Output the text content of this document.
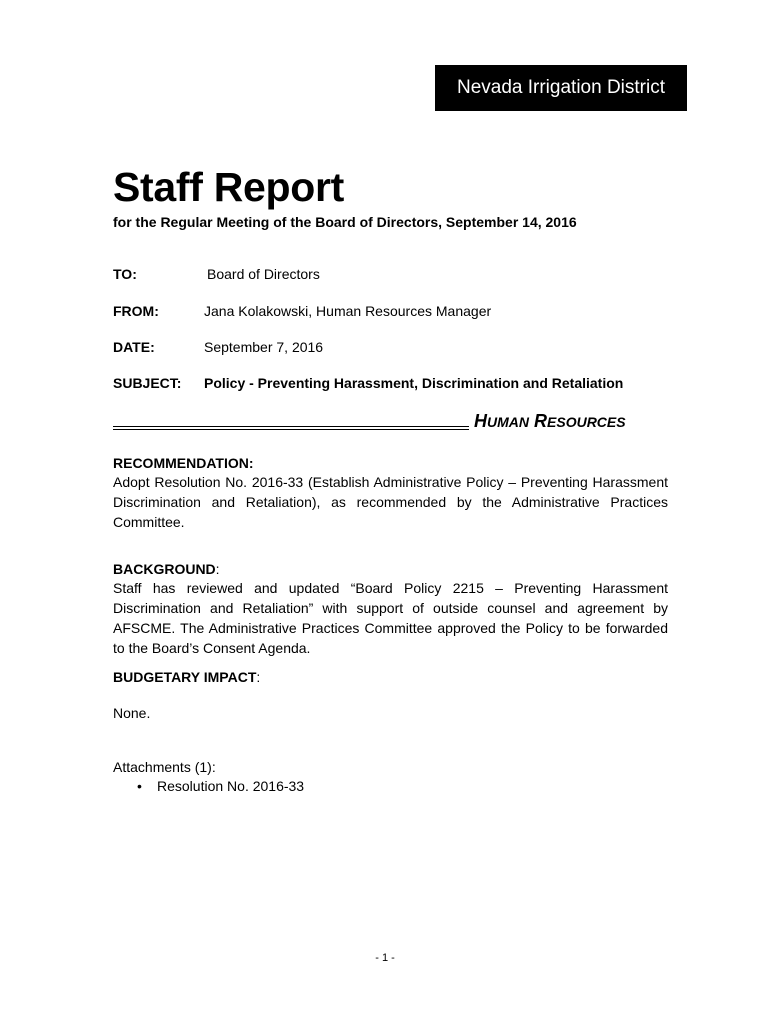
Nevada Irrigation District
Staff Report
for the Regular Meeting of the Board of Directors, September 14, 2016
TO:	Board of Directors
FROM:	Jana Kolakowski, Human Resources Manager
DATE:	September 7, 2016
SUBJECT: Policy - Preventing Harassment, Discrimination and Retaliation
HUMAN RESOURCES
RECOMMENDATION:

Adopt Resolution No. 2016-33 (Establish Administrative Policy – Preventing Harassment Discrimination and Retaliation), as recommended by the Administrative Practices Committee.

BACKGROUND:

Staff has reviewed and updated “Board Policy 2215 – Preventing Harassment Discrimination and Retaliation” with support of outside counsel and agreement by AFSCME. The Administrative Practices Committee approved the Policy to be forwarded to the Board’s Consent Agenda.

BUDGETARY IMPACT:
None.
Attachments (1):
• Resolution No. 2016-33
- 1 -
